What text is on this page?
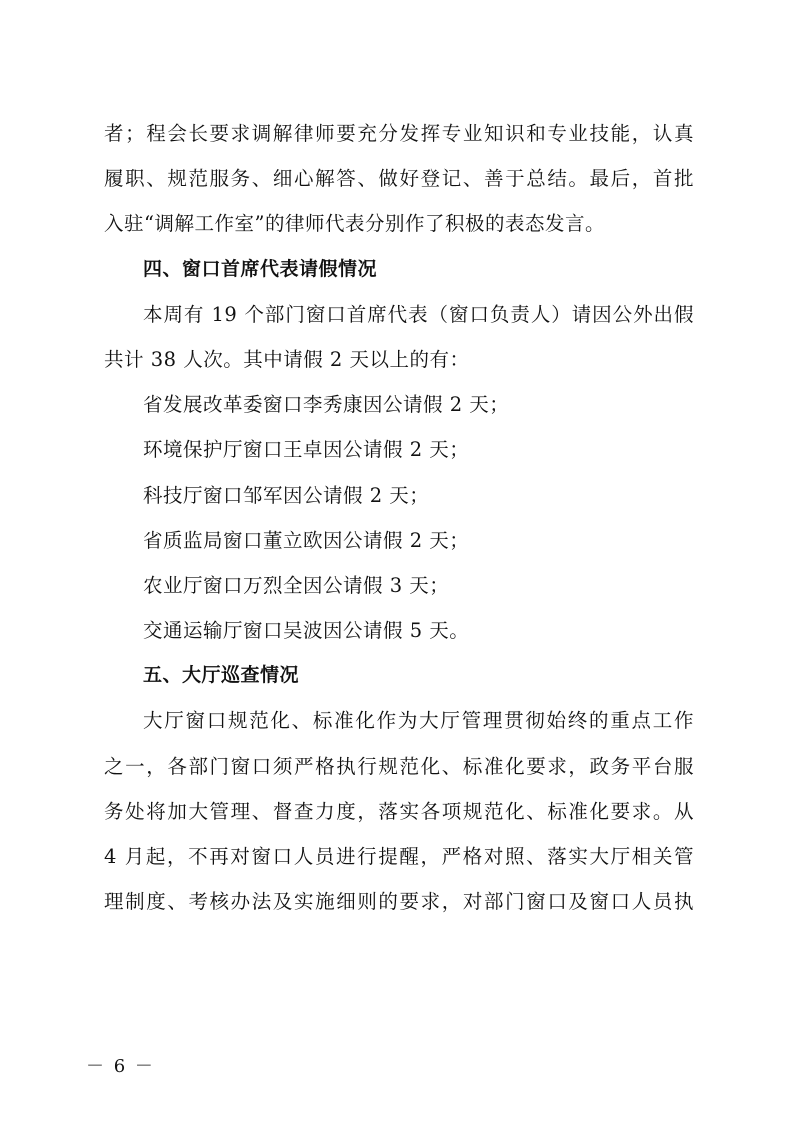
者；程会长要求调解律师要充分发挥专业知识和专业技能，认真
履职、规范服务、细心解答、做好登记、善于总结。最后，首批
入驻“调解工作室”的律师代表分别作了积极的表态发言。
四、窗口首席代表请假情况
本周有 19 个部门窗口首席代表（窗口负责人）请因公外出假
共计 38 人次。其中请假 2 天以上的有：
省发展改革委窗口李秀康因公请假 2 天；
环境保护厅窗口王卓因公请假 2 天；
科技厅窗口邹军因公请假 2 天；
省质监局窗口董立欧因公请假 2 天；
农业厅窗口万烈全因公请假 3 天；
交通运输厅窗口吴波因公请假 5 天。
五、大厅巡查情况
大厅窗口规范化、标准化作为大厅管理贯彻始终的重点工作
之一，各部门窗口须严格执行规范化、标准化要求，政务平台服
务处将加大管理、督查力度，落实各项规范化、标准化要求。从
4 月起，不再对窗口人员进行提醒，严格对照、落实大厅相关管
理制度、考核办法及实施细则的要求，对部门窗口及窗口人员执
－ 6 －
